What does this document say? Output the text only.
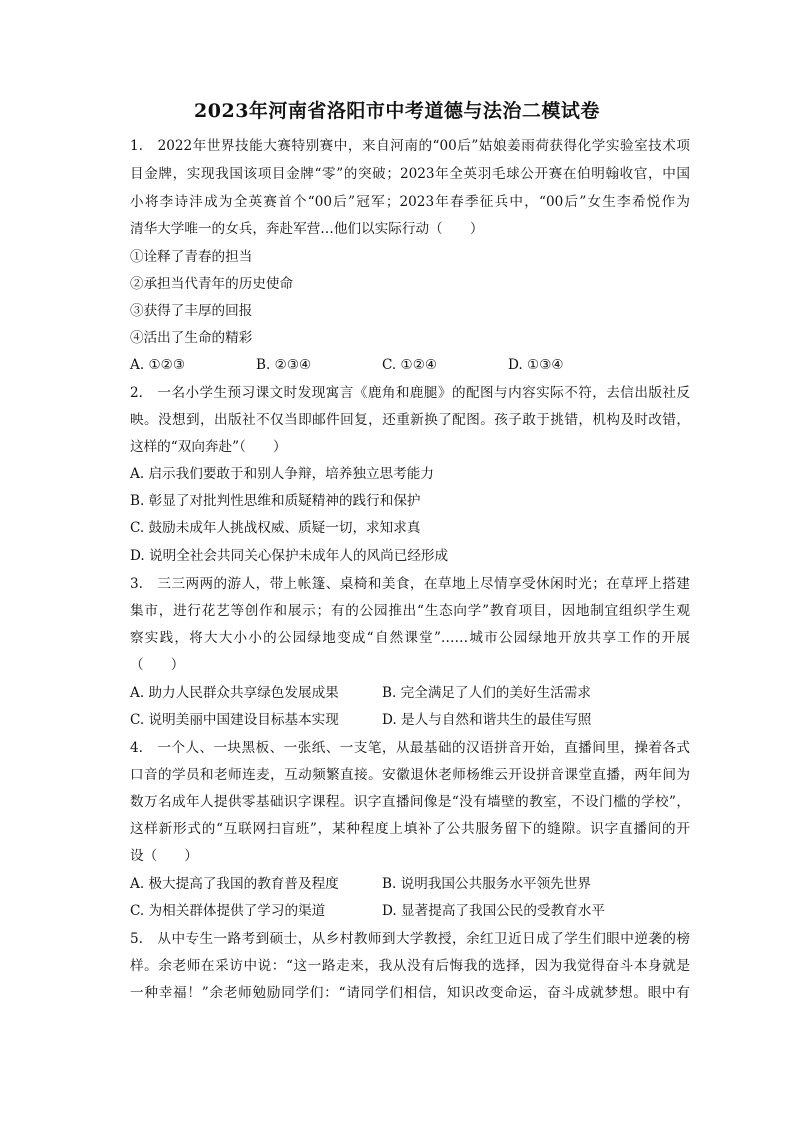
2023年河南省洛阳市中考道德与法治二模试卷
1.　2022年世界技能大赛特别赛中，来自河南的“00后”姑娘姜雨荷获得化学实验室技术项
目金牌，实现我国该项目金牌“零”的突破；2023年全英羽毛球公开赛在伯明翰收官，中国
小将李诗沣成为全英赛首个“00后”冠军；2023年春季征兵中，“00后”女生李希悦作为
清华大学唯一的女兵，奔赴军营…他们以实际行动（　　）
①诠释了青春的担当
②承担当代青年的历史使命
③获得了丰厚的回报
④活出了生命的精彩
A. ①②③	B. ②③④	C. ①②④	D. ①③④
2.　一名小学生预习课文时发现寓言《鹿角和鹿腿》的配图与内容实际不符，去信出版社反
映。没想到，出版社不仅当即邮件回复，还重新换了配图。孩子敢于挑错，机构及时改错，
这样的“双向奔赴”（　　）
A. 启示我们要敢于和别人争辩，培养独立思考能力
B. 彰显了对批判性思维和质疑精神的践行和保护
C. 鼓励未成年人挑战权威、质疑一切，求知求真
D. 说明全社会共同关心保护未成年人的风尚已经形成
3.　三三两两的游人，带上帐篷、桌椅和美食，在草地上尽情享受休闲时光；在草坪上搭建
集市，进行花艺等创作和展示；有的公园推出“生态向学”教育项目，因地制宜组织学生观
察实践，将大大小小的公园绿地变成“自然课堂”……城市公园绿地开放共享工作的开展
（　　）
A. 助力人民群众共享绿色发展成果	B. 完全满足了人们的美好生活需求
C. 说明美丽中国建设目标基本实现	D. 是人与自然和谐共生的最佳写照
4.　一个人、一块黑板、一张纸、一支笔，从最基础的汉语拼音开始，直播间里，操着各式
口音的学员和老师连麦，互动频繁直接。安徽退休老师杨维云开设拼音课堂直播，两年间为
数万名成年人提供零基础识字课程。识字直播间像是“没有墙壁的教室，不设门槛的学校”，
这样新形式的“互联网扫盲班”，某种程度上填补了公共服务留下的缝隙。识字直播间的开
设（　　）
A. 极大提高了我国的教育普及程度	B. 说明我国公共服务水平领先世界
C. 为相关群体提供了学习的渠道	D. 显著提高了我国公民的受教育水平
5.　从中专生一路考到硕士，从乡村教师到大学教授，余红卫近日成了学生们眼中逆袭的榜
样。余老师在采访中说：“这一路走来，我从没有后悔我的选择，因为我觉得奋斗本身就是
一种幸福！”余老师勉励同学们：“请同学们相信，知识改变命运，奋斗成就梦想。眼中有
